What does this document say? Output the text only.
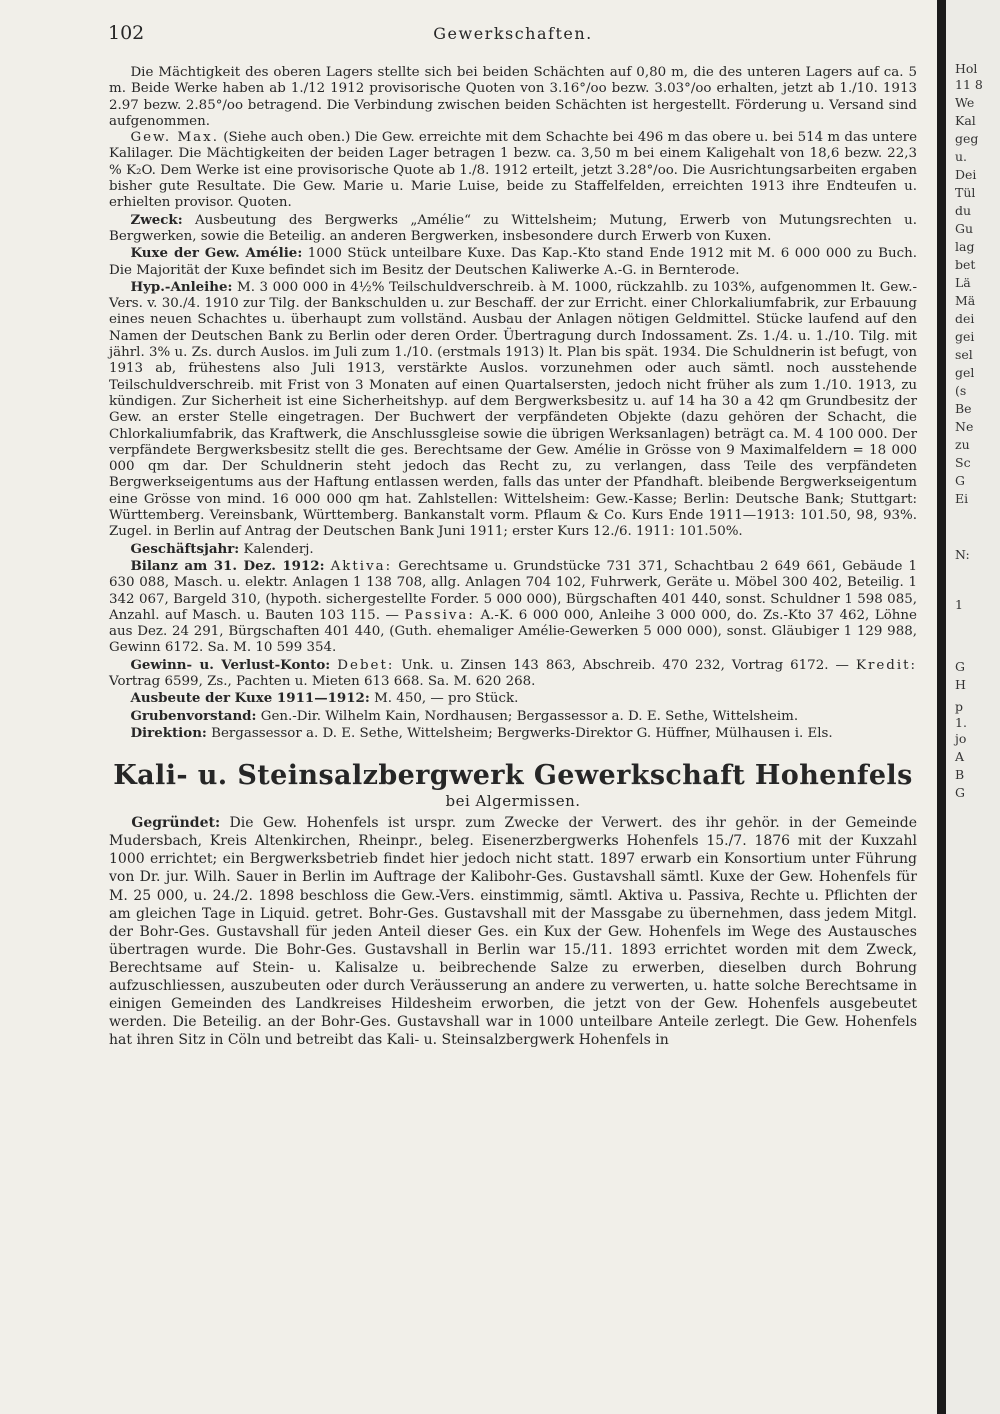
102	Gewerkschaften.

Die Mächtigkeit des oberen Lagers stellte sich bei beiden Schächten auf 0,80 m, die des unteren Lagers auf ca. 5 m. Beide Werke haben ab 1./12 1912 provisorische Quoten von 3.16°/oo bezw. 3.03°/oo erhalten, jetzt ab 1./10. 1913 2.97 bezw. 2.85°/oo betragend. Die Verbindung zwischen beiden Schächten ist hergestellt. Förderung u. Versand sind aufgenommen.

Gew. Max. (Siehe auch oben.) Die Gew. erreichte mit dem Schachte bei 496 m das obere u. bei 514 m das untere Kalilager. Die Mächtigkeiten der beiden Lager betragen 1 bezw. ca. 3,50 m bei einem Kaligehalt von 18,6 bezw. 22,3 % K₂O. Dem Werke ist eine provisorische Quote ab 1./8. 1912 erteilt, jetzt 3.28°/oo. Die Ausrichtungsarbeiten ergaben bisher gute Resultate. Die Gew. Marie u. Marie Luise, beide zu Staffelfelden, erreichten 1913 ihre Endteufen u. erhielten provisor. Quoten.

Zweck: Ausbeutung des Bergwerks „Amélie“ zu Wittelsheim; Mutung, Erwerb von Mutungsrechten u. Bergwerken, sowie die Beteilig. an anderen Bergwerken, insbesondere durch Erwerb von Kuxen.

Kuxe der Gew. Amélie: 1000 Stück unteilbare Kuxe. Das Kap.-Kto stand Ende 1912 mit M. 6 000 000 zu Buch. Die Majorität der Kuxe befindet sich im Besitz der Deutschen Kaliwerke A.-G. in Bernterode.

Hyp.-Anleihe: M. 3 000 000 in 4½% Teilschuldverschreib. à M. 1000, rückzahlb. zu 103%, aufgenommen lt. Gew.-Vers. v. 30./4. 1910 zur Tilg. der Bankschulden u. zur Beschaff. der zur Erricht. einer Chlorkaliumfabrik, zur Erbauung eines neuen Schachtes u. überhaupt zum vollständ. Ausbau der Anlagen nötigen Geldmittel. Stücke laufend auf den Namen der Deutschen Bank zu Berlin oder deren Order. Übertragung durch Indossament. Zs. 1./4. u. 1./10. Tilg. mit jährl. 3% u. Zs. durch Auslos. im Juli zum 1./10. (erstmals 1913) lt. Plan bis spät. 1934. Die Schuldnerin ist befugt, von 1913 ab, frühestens also Juli 1913, verstärkte Auslos. vorzunehmen oder auch sämtl. noch ausstehende Teilschuldverschreib. mit Frist von 3 Monaten auf einen Quartalsersten, jedoch nicht früher als zum 1./10. 1913, zu kündigen. Zur Sicherheit ist eine Sicherheitshyp. auf dem Bergwerksbesitz u. auf 14 ha 30 a 42 qm Grundbesitz der Gew. an erster Stelle eingetragen. Der Buchwert der verpfändeten Objekte (dazu gehören der Schacht, die Chlorkaliumfabrik, das Kraftwerk, die Anschlussgleise sowie die übrigen Werksanlagen) beträgt ca. M. 4 100 000. Der verpfändete Bergwerksbesitz stellt die ges. Berechtsame der Gew. Amélie in Grösse von 9 Maximalfeldern = 18 000 000 qm dar. Der Schuldnerin steht jedoch das Recht zu, zu verlangen, dass Teile des verpfändeten Bergwerkseigentums aus der Haftung entlassen werden, falls das unter der Pfandhaft. bleibende Bergwerkseigentum eine Grösse von mind. 16 000 000 qm hat. Zahlstellen: Wittelsheim: Gew.-Kasse; Berlin: Deutsche Bank; Stuttgart: Württemberg. Vereinsbank, Württemberg. Bankanstalt vorm. Pflaum & Co. Kurs Ende 1911—1913: 101.50, 98, 93%. Zugel. in Berlin auf Antrag der Deutschen Bank Juni 1911; erster Kurs 12./6. 1911: 101.50%.

Geschäftsjahr: Kalenderj.

Bilanz am 31. Dez. 1912: Aktiva: Gerechtsame u. Grundstücke 731 371, Schachtbau 2 649 661, Gebäude 1 630 088, Masch. u. elektr. Anlagen 1 138 708, allg. Anlagen 704 102, Fuhrwerk, Geräte u. Möbel 300 402, Beteilig. 1 342 067, Bargeld 310, (hypoth. sichergestellte Forder. 5 000 000), Bürgschaften 401 440, sonst. Schuldner 1 598 085, Anzahl. auf Masch. u. Bauten 103 115. — Passiva: A.-K. 6 000 000, Anleihe 3 000 000, do. Zs.-Kto 37 462, Löhne aus Dez. 24 291, Bürgschaften 401 440, (Guth. ehemaliger Amélie-Gewerken 5 000 000), sonst. Gläubiger 1 129 988, Gewinn 6172. Sa. M. 10 599 354.

Gewinn- u. Verlust-Konto: Debet: Unk. u. Zinsen 143 863, Abschreib. 470 232, Vortrag 6172. — Kredit: Vortrag 6599, Zs., Pachten u. Mieten 613 668. Sa. M. 620 268.

Ausbeute der Kuxe 1911—1912: M. 450, — pro Stück.

Grubenvorstand: Gen.-Dir. Wilhelm Kain, Nordhausen; Bergassessor a. D. E. Sethe, Wittelsheim.

Direktion: Bergassessor a. D. E. Sethe, Wittelsheim; Bergwerks-Direktor G. Hüffner, Mülhausen i. Els.

Kali- u. Steinsalzbergwerk Gewerkschaft Hohenfels
bei Algermissen.

Gegründet: Die Gew. Hohenfels ist urspr. zum Zwecke der Verwert. des ihr gehör. in der Gemeinde Mudersbach, Kreis Altenkirchen, Rheinpr., beleg. Eisenerzbergwerks Hohenfels 15./7. 1876 mit der Kuxzahl 1000 errichtet; ein Bergwerksbetrieb findet hier jedoch nicht statt. 1897 erwarb ein Konsortium unter Führung von Dr. jur. Wilh. Sauer in Berlin im Auftrage der Kalibohr-Ges. Gustavshall sämtl. Kuxe der Gew. Hohenfels für M. 25 000, u. 24./2. 1898 beschloss die Gew.-Vers. einstimmig, sämtl. Aktiva u. Passiva, Rechte u. Pflichten der am gleichen Tage in Liquid. getret. Bohr-Ges. Gustavshall mit der Massgabe zu übernehmen, dass jedem Mitgl. der Bohr-Ges. Gustavshall für jeden Anteil dieser Ges. ein Kux der Gew. Hohenfels im Wege des Austausches übertragen wurde. Die Bohr-Ges. Gustavshall in Berlin war 15./11. 1893 errichtet worden mit dem Zweck, Berechtsame auf Stein- u. Kalisalze u. beibrechende Salze zu erwerben, dieselben durch Bohrung aufzuschliessen, auszubeuten oder durch Veräusserung an andere zu verwerten, u. hatte solche Berechtsame in einigen Gemeinden des Landkreises Hildesheim erworben, die jetzt von der Gew. Hohenfels ausgebeutet werden. Die Beteilig. an der Bohr-Ges. Gustavshall war in 1000 unteilbare Anteile zerlegt. Die Gew. Hohenfels hat ihren Sitz in Cöln und betreibt das Kali- u. Steinsalzbergwerk Hohenfels in

Hol
11 8
We
Kal
geg
u.
Dei
Tül
du
Gu
lag
bet
Lä
Mä
dei
gei
sel
gel
(s
Be
Ne
zu
Sc
G
Ei
N:
1
G
H
p
1.
jo
A
B
G
